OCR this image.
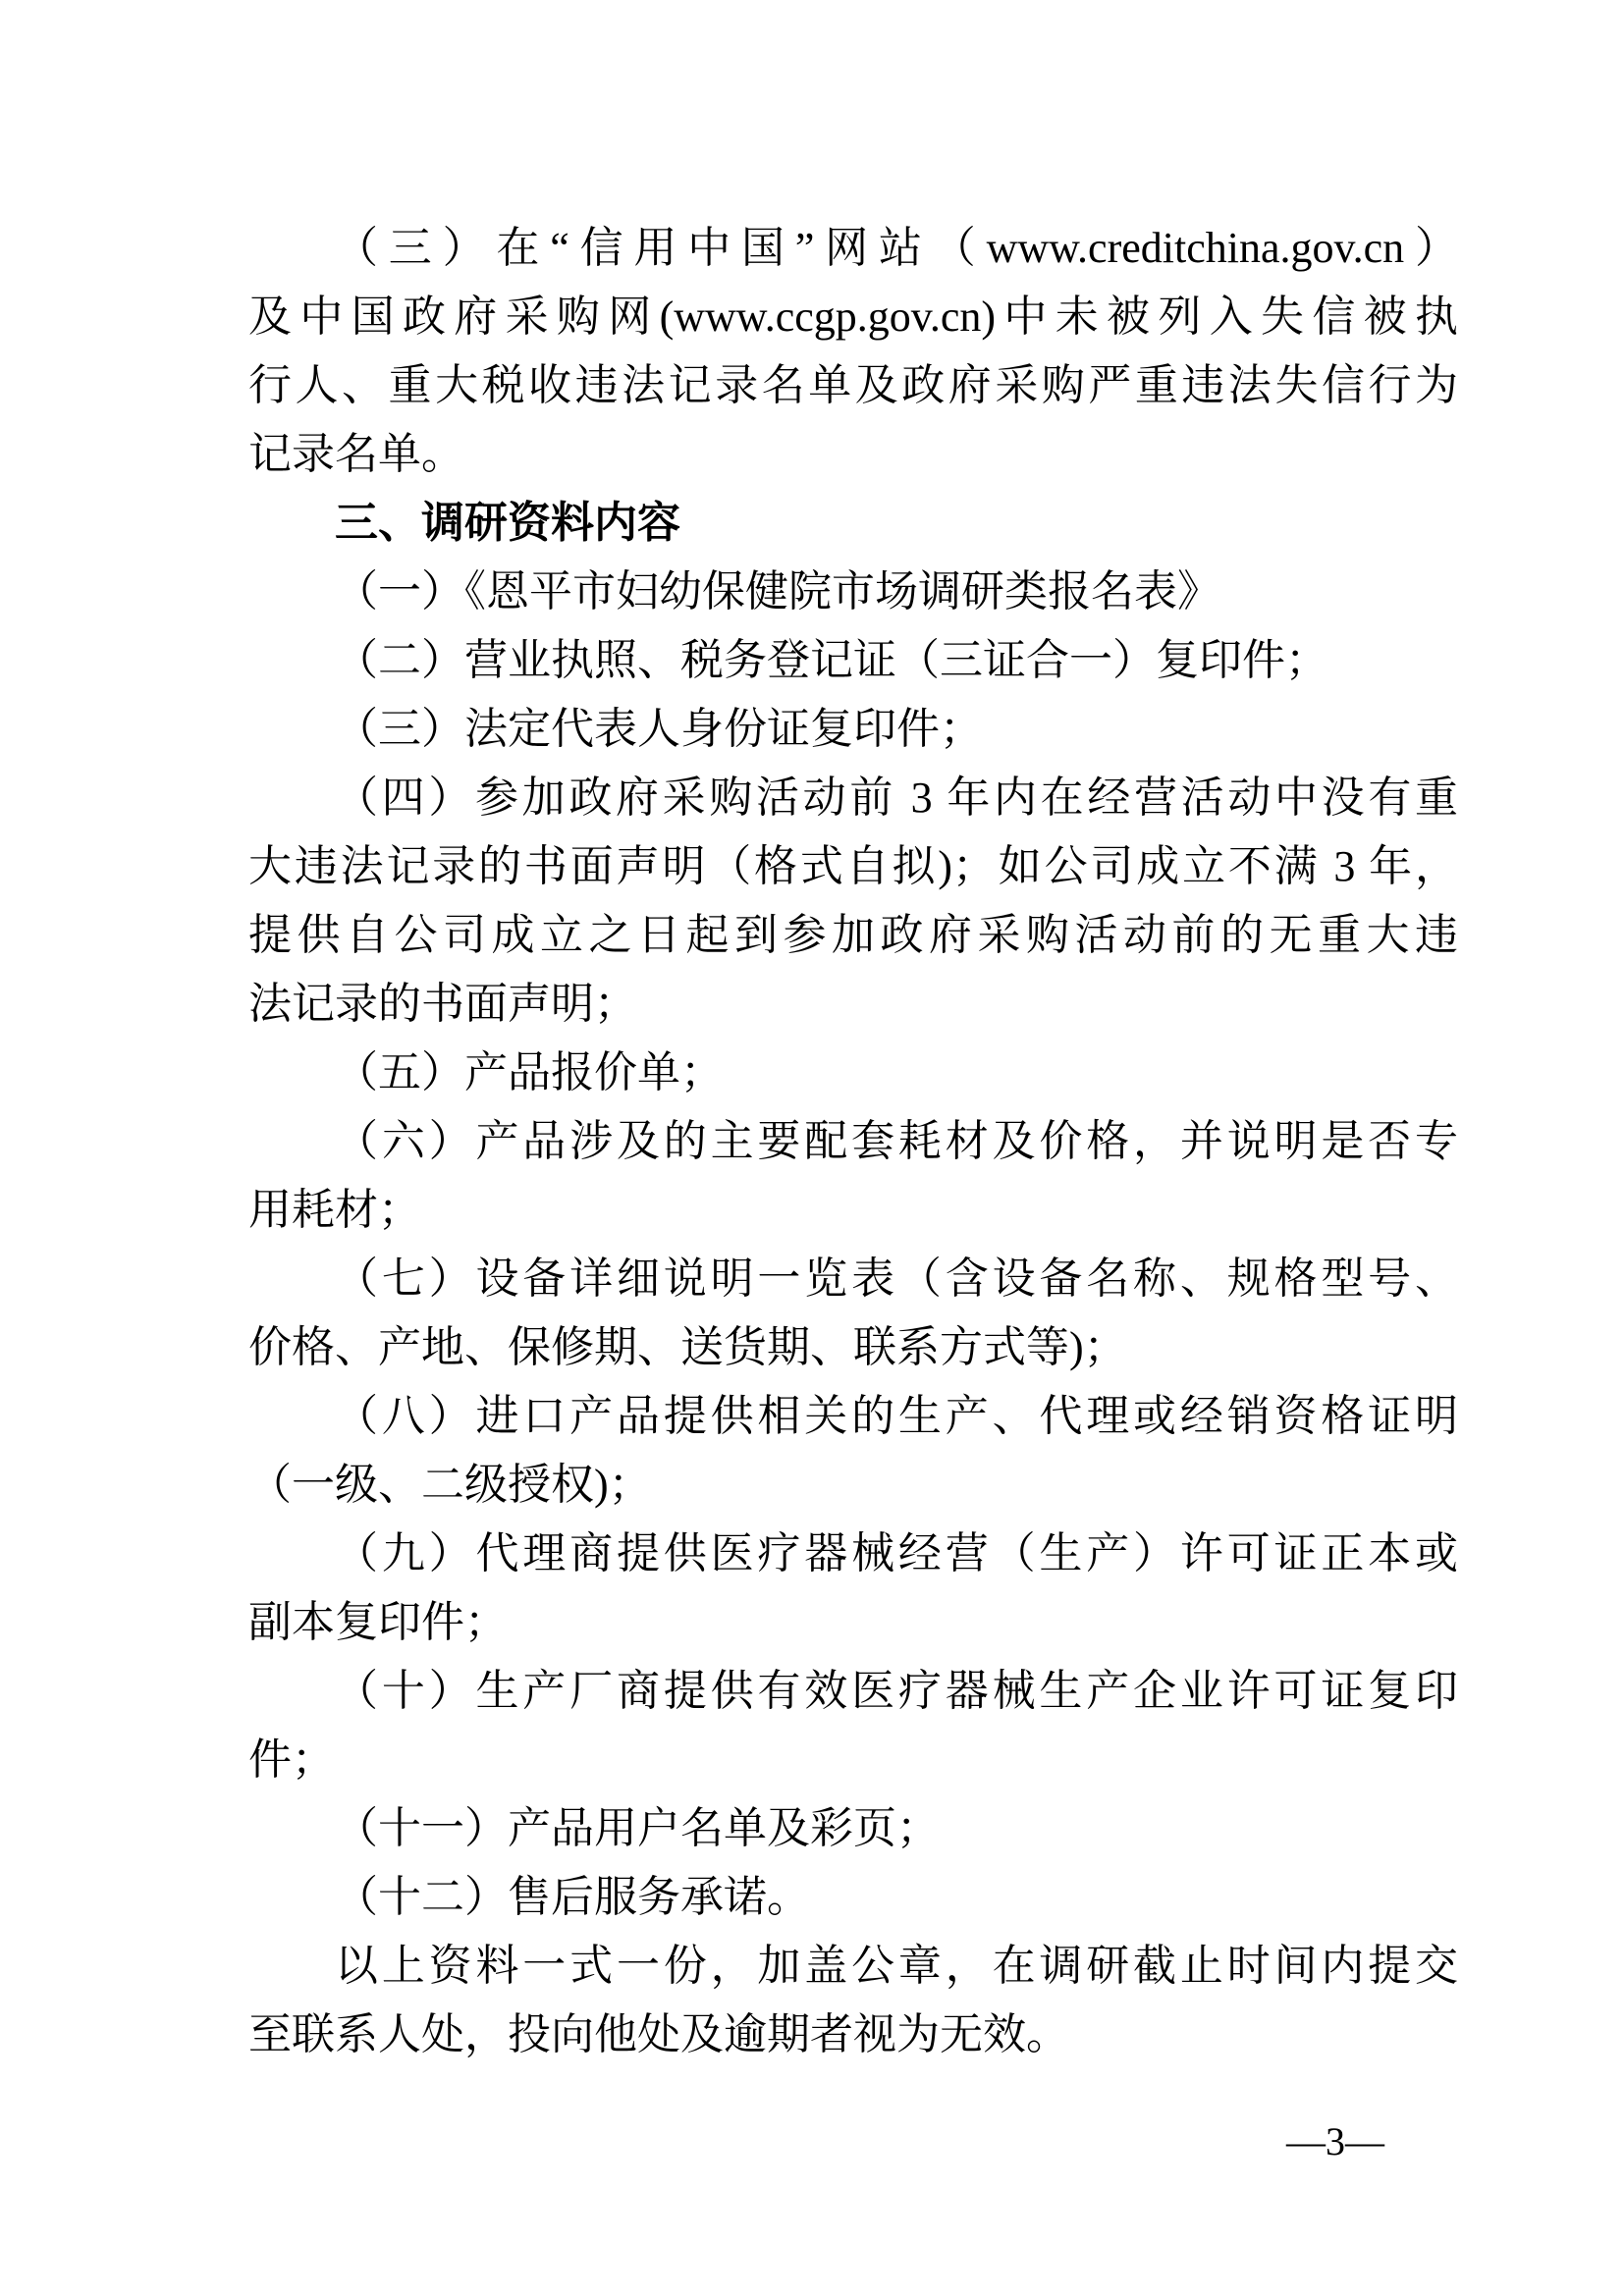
（三）在“信用中国”网站（www.creditchina.gov.cn）
及中国政府采购网(www.ccgp.gov.cn)中未被列入失信被执
行人、重大税收违法记录名单及政府采购严重违法失信行为
记录名单。
三、调研资料内容
（一）《恩平市妇幼保健院市场调研类报名表》
（二）营业执照、税务登记证（三证合一）复印件；
（三）法定代表人身份证复印件；
（四）参加政府采购活动前 3 年内在经营活动中没有重
大违法记录的书面声明（格式自拟)；如公司成立不满 3 年，
提供自公司成立之日起到参加政府采购活动前的无重大违
法记录的书面声明；
（五）产品报价单；
（六）产品涉及的主要配套耗材及价格，并说明是否专
用耗材；
（七）设备详细说明一览表（含设备名称、规格型号、
价格、产地、保修期、送货期、联系方式等)；
（八）进口产品提供相关的生产、代理或经销资格证明
（一级、二级授权)；
（九）代理商提供医疗器械经营（生产）许可证正本或
副本复印件；
（十）生产厂商提供有效医疗器械生产企业许可证复印
件；
（十一）产品用户名单及彩页；
（十二）售后服务承诺。
以上资料一式一份，加盖公章，在调研截止时间内提交
至联系人处，投向他处及逾期者视为无效。
—3—
